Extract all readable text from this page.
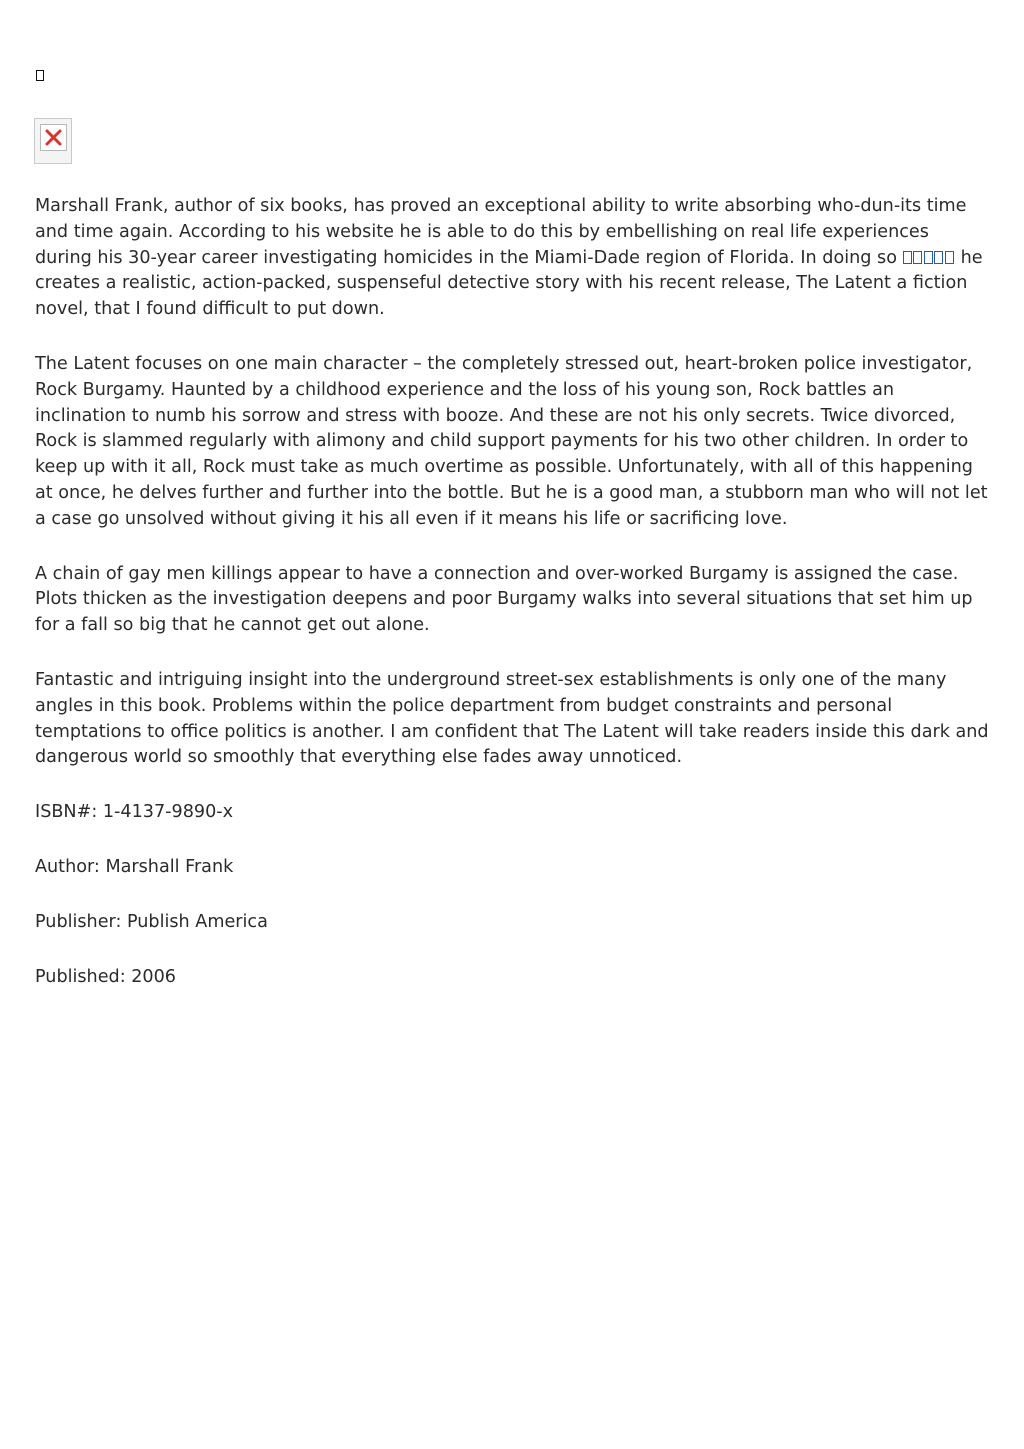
Marshall Frank, author of six books, has proved an exceptional ability to write absorbing who-dun-its time and time again. According to his website he is able to do this by embellishing on real life experiences during his 30-year career investigating homicides in the Miami-Dade region of Florida. In doing so	he creates a realistic, action-packed, suspenseful detective story with his recent release, The Latent a fiction novel, that I found difficult to put down.

The Latent focuses on one main character – the completely stressed out, heart-broken police investigator, Rock Burgamy. Haunted by a childhood experience and the loss of his young son, Rock battles an inclination to numb his sorrow and stress with booze. And these are not his only secrets. Twice divorced, Rock is slammed regularly with alimony and child support payments for his two other children. In order to keep up with it all, Rock must take as much overtime as possible. Unfortunately, with all of this happening at once, he delves further and further into the bottle. But he is a good man, a stubborn man who will not let a case go unsolved without giving it his all even if it means his life or sacrificing love.

A chain of gay men killings appear to have a connection and over-worked Burgamy is assigned the case. Plots thicken as the investigation deepens and poor Burgamy walks into several situations that set him up for a fall so big that he cannot get out alone.

Fantastic and intriguing insight into the underground street-sex establishments is only one of the many angles in this book. Problems within the police department from budget constraints and personal temptations to office politics is another. I am confident that The Latent will take readers inside this dark and dangerous world so smoothly that everything else fades away unnoticed.

ISBN#: 1-4137-9890-x

Author: Marshall Frank

Publisher: Publish America

Published: 2006
